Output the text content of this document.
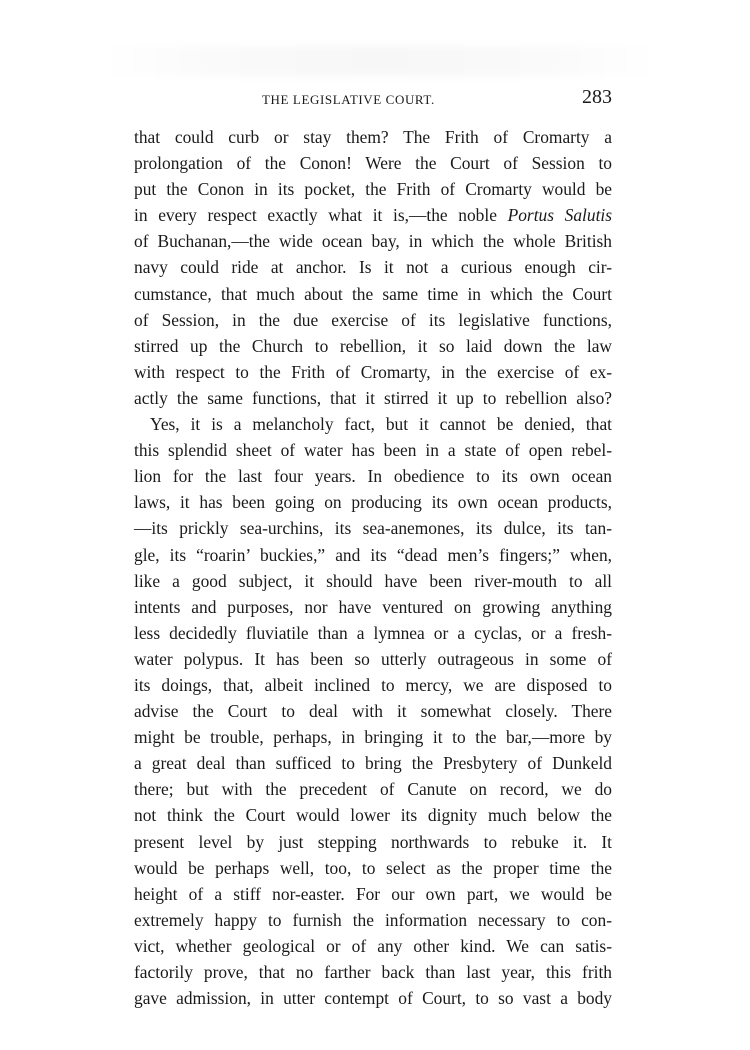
THE LEGISLATIVE COURT.	283
that could curb or stay them? The Frith of Cromarty a
prolongation of the Conon! Were the Court of Session to
put the Conon in its pocket, the Frith of Cromarty would be
in every respect exactly what it is,—the noble Portus Salutis
of Buchanan,—the wide ocean bay, in which the whole British
navy could ride at anchor. Is it not a curious enough cir-
cumstance, that much about the same time in which the Court
of Session, in the due exercise of its legislative functions,
stirred up the Church to rebellion, it so laid down the law
with respect to the Frith of Cromarty, in the exercise of ex-
actly the same functions, that it stirred it up to rebellion also?
Yes, it is a melancholy fact, but it cannot be denied, that
this splendid sheet of water has been in a state of open rebel-
lion for the last four years. In obedience to its own ocean
laws, it has been going on producing its own ocean products,
—its prickly sea-urchins, its sea-anemones, its dulce, its tan-
gle, its “roarin’ buckies,” and its “dead men’s fingers;” when,
like a good subject, it should have been river-mouth to all
intents and purposes, nor have ventured on growing anything
less decidedly fluviatile than a lymnea or a cyclas, or a fresh-
water polypus. It has been so utterly outrageous in some of
its doings, that, albeit inclined to mercy, we are disposed to
advise the Court to deal with it somewhat closely. There
might be trouble, perhaps, in bringing it to the bar,—more by
a great deal than sufficed to bring the Presbytery of Dunkeld
there; but with the precedent of Canute on record, we do
not think the Court would lower its dignity much below the
present level by just stepping northwards to rebuke it. It
would be perhaps well, too, to select as the proper time the
height of a stiff nor-easter. For our own part, we would be
extremely happy to furnish the information necessary to con-
vict, whether geological or of any other kind. We can satis-
factorily prove, that no farther back than last year, this frith
gave admission, in utter contempt of Court, to so vast a body
